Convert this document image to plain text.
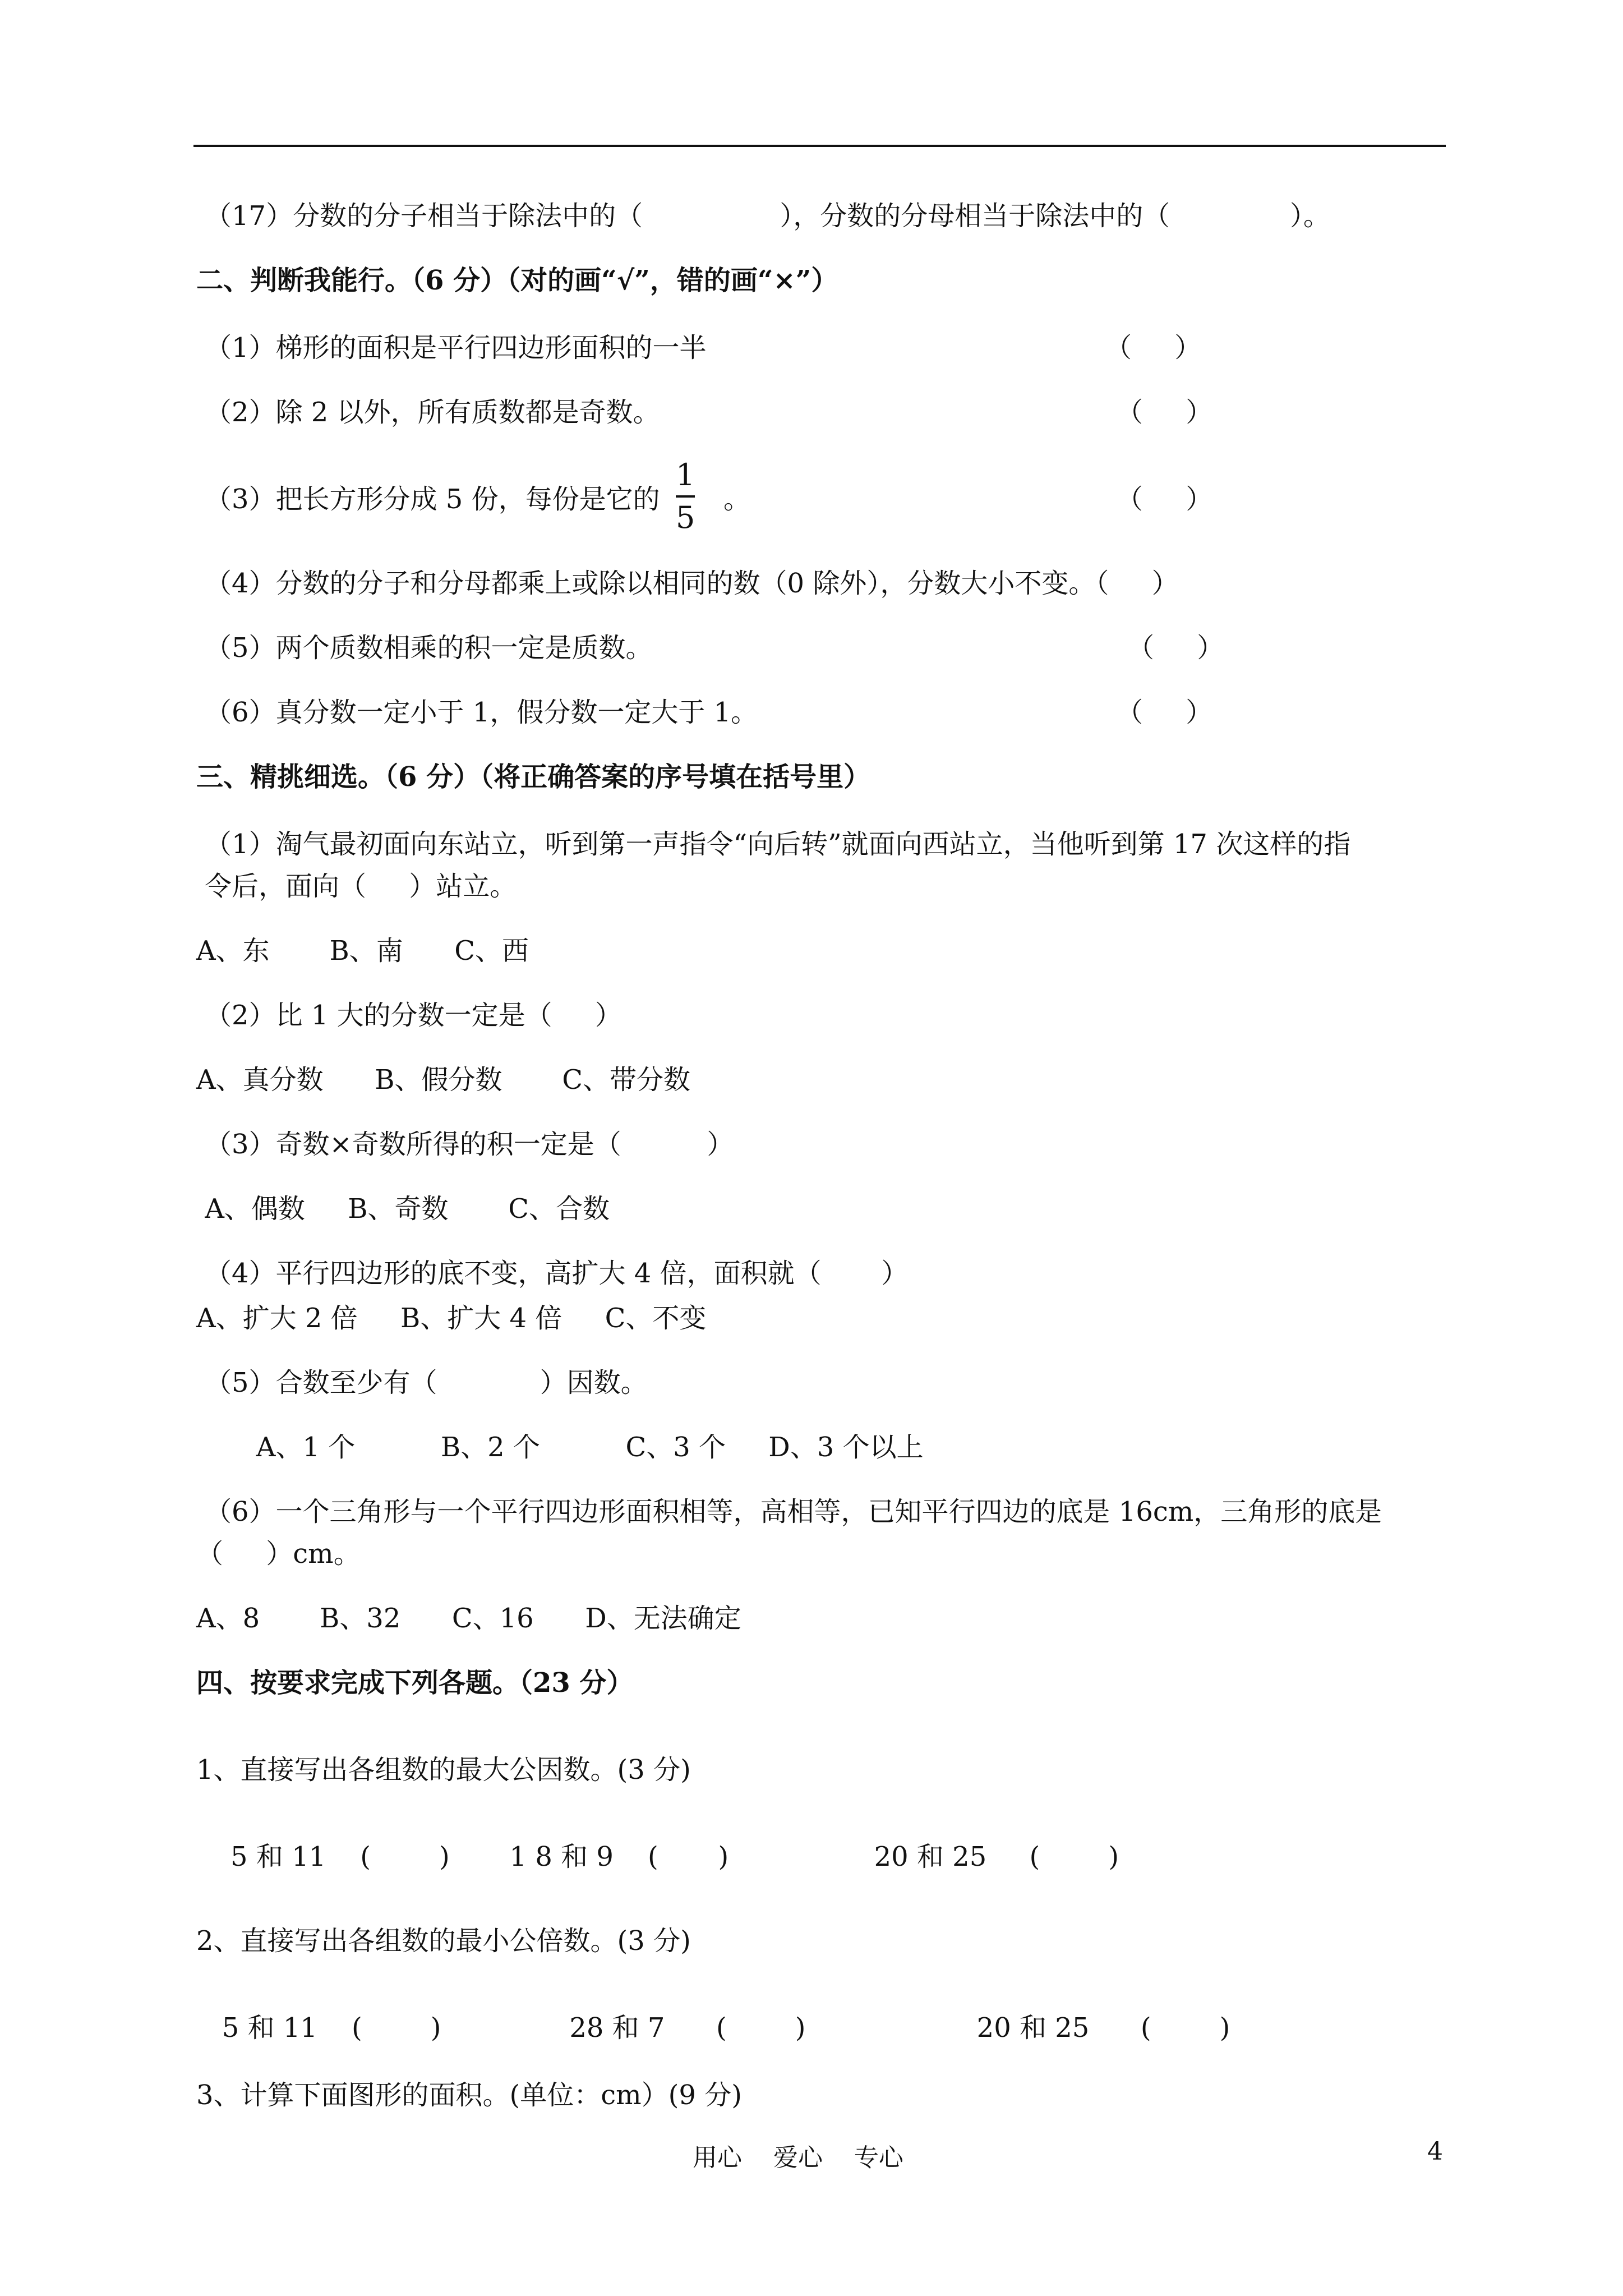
（17）分数的分子相当于除法中的（                ），分数的分母相当于除法中的（              ）。
二、判断我能行。（6 分）（对的画“√”，错的画“×”）
（1）梯形的面积是平行四边形面积的一半	（     ）
（2）除 2 以外，所有质数都是奇数。	（     ）
（3）把长方形分成 5 份，每份是它的
1
5
。	（     ）
（4）分数的分子和分母都乘上或除以相同的数（0 除外），分数大小不变。（     ）
（5）两个质数相乘的积一定是质数。	（     ）
（6）真分数一定小于 1，假分数一定大于 1。	（     ）
三、精挑细选。（6 分）（将正确答案的序号填在括号里）
（1）淘气最初面向东站立，听到第一声指令“向后转”就面向西站立，当他听到第 17 次这样的指
令后，面向（     ）站立。
A、东       B、南      C、西
（2）比 1 大的分数一定是（     ）
A、真分数      B、假分数       C、带分数
（3）奇数×奇数所得的积一定是（          ）
A、偶数     B、奇数       C、合数
（4）平行四边形的底不变，高扩大 4 倍，面积就（       ）
A、扩大 2 倍     B、扩大 4 倍     C、不变
（5）合数至少有（            ）因数。
A、1 个          B、2 个          C、3 个     D、3 个以上
（6）一个三角形与一个平行四边形面积相等，高相等，已知平行四边的底是 16cm，三角形的底是
（     ）cm。
A、8       B、32      C、16      D、无法确定
四、按要求完成下列各题。（23 分）
1、直接写出各组数的最大公因数。(3 分)
5 和 11    (        )       1 8 和 9    (       )                 20 和 25     (        )
2、直接写出各组数的最小公倍数。(3 分)
5 和 11    (        )               28 和 7      (        )                    20 和 25      (        )
3、计算下面图形的面积。(单位：cm）(9 分)
用心    爱心    专心	4
